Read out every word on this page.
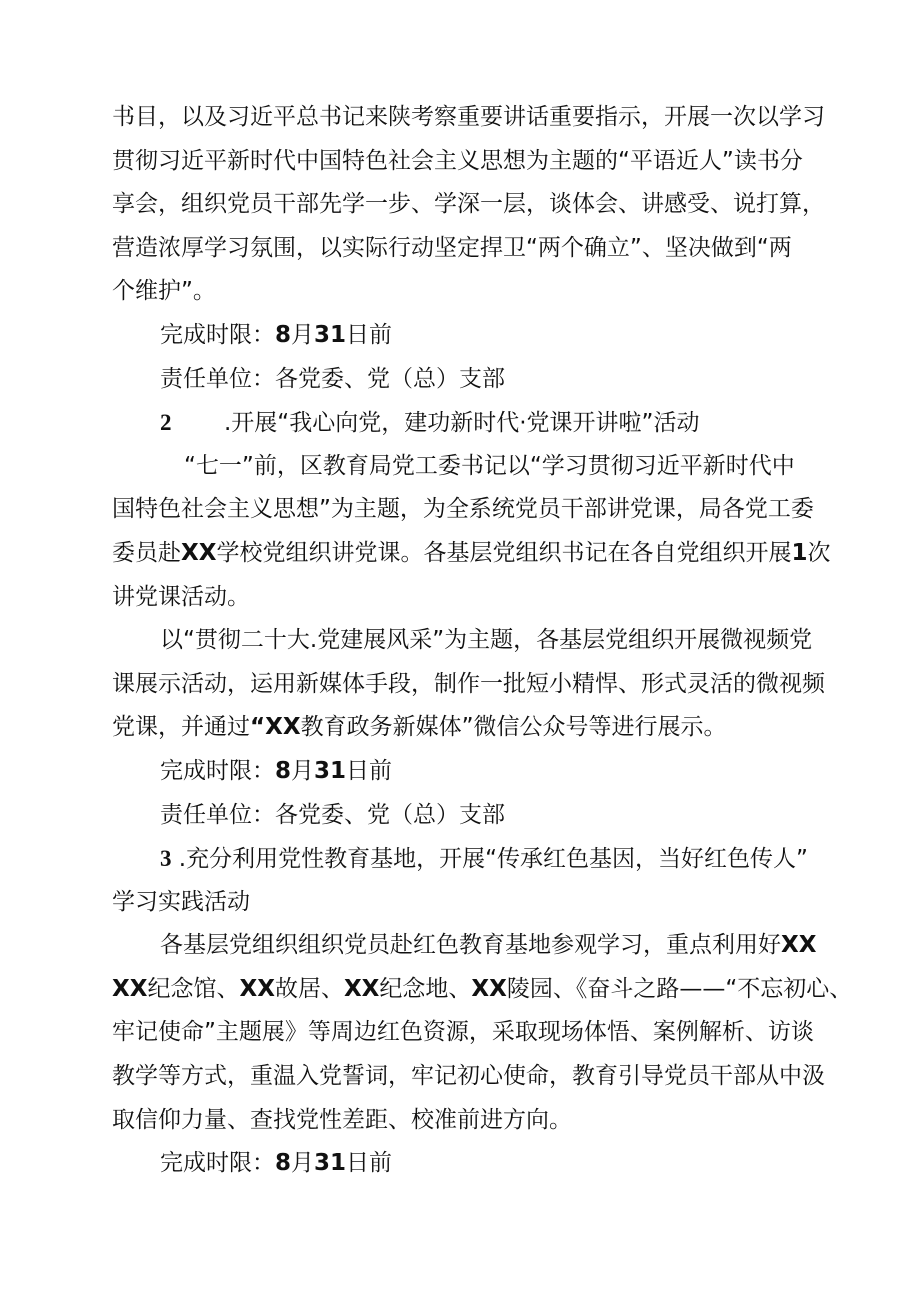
书目，以及习近平总书记来陕考察重要讲话重要指示，开展一次以学习
贯彻习近平新时代中国特色社会主义思想为主题的“平语近人”读书分
享会，组织党员干部先学一步、学深一层，谈体会、讲感受、说打算，
营造浓厚学习氛围，以实际行动坚定捍卫“两个确立”、坚决做到“两
个维护”。
完成时限：8月31日前
责任单位：各党委、党（总）支部
2 .开展“我心向党，建功新时代·党课开讲啦”活动
“七一”前，区教育局党工委书记以“学习贯彻习近平新时代中
国特色社会主义思想”为主题，为全系统党员干部讲党课，局各党工委
委员赴XX学校党组织讲党课。各基层党组织书记在各自党组织开展1次
讲党课活动。
以“贯彻二十大.党建展风采”为主题，各基层党组织开展微视频党
课展示活动，运用新媒体手段，制作一批短小精悍、形式灵活的微视频
党课，并通过“XX教育政务新媒体”微信公众号等进行展示。
完成时限：8月31日前
责任单位：各党委、党（总）支部
3 .充分利用党性教育基地，开展“传承红色基因，当好红色传人”
学习实践活动
各基层党组织组织党员赴红色教育基地参观学习，重点利用好XX
XX纪念馆、XX故居、XX纪念地、XX陵园、《奋斗之路——“不忘初心、
牢记使命”主题展》等周边红色资源，采取现场体悟、案例解析、访谈
教学等方式，重温入党誓词，牢记初心使命，教育引导党员干部从中汲
取信仰力量、查找党性差距、校准前进方向。
完成时限：8月31日前
